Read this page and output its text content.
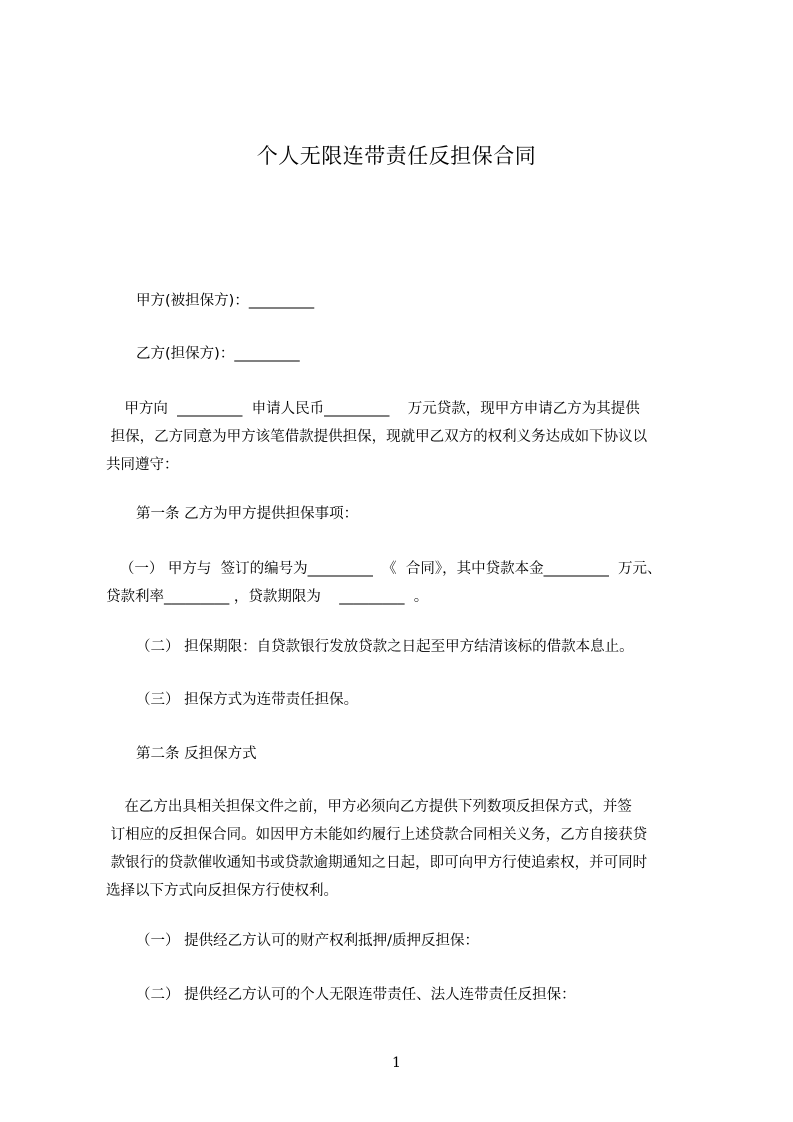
个人无限连带责任反担保合同
甲方(被担保方)：_________
乙方(担保方)：_________
甲方向  _________  申请人民币_________    万元贷款，现甲方申请乙方为其提供
担保，乙方同意为甲方该笔借款提供担保，现就甲乙双方的权利义务达成如下协议以
共同遵守：
第一条 乙方为甲方提供担保事项：
（一） 甲方与  签订的编号为_________  《  合同》，其中贷款本金_________  万元、
贷款利率_________ ，贷款期限为    _________  。
（二） 担保期限：自贷款银行发放贷款之日起至甲方结清该标的借款本息止。
（三） 担保方式为连带责任担保。
第二条 反担保方式
在乙方出具相关担保文件之前，甲方必须向乙方提供下列数项反担保方式，并签
订相应的反担保合同。如因甲方未能如约履行上述贷款合同相关义务，乙方自接获贷
款银行的贷款催收通知书或贷款逾期通知之日起，即可向甲方行使追索权，并可同时
选择以下方式向反担保方行使权利。
（一） 提供经乙方认可的财产权利抵押/质押反担保：
（二） 提供经乙方认可的个人无限连带责任、法人连带责任反担保：
1
